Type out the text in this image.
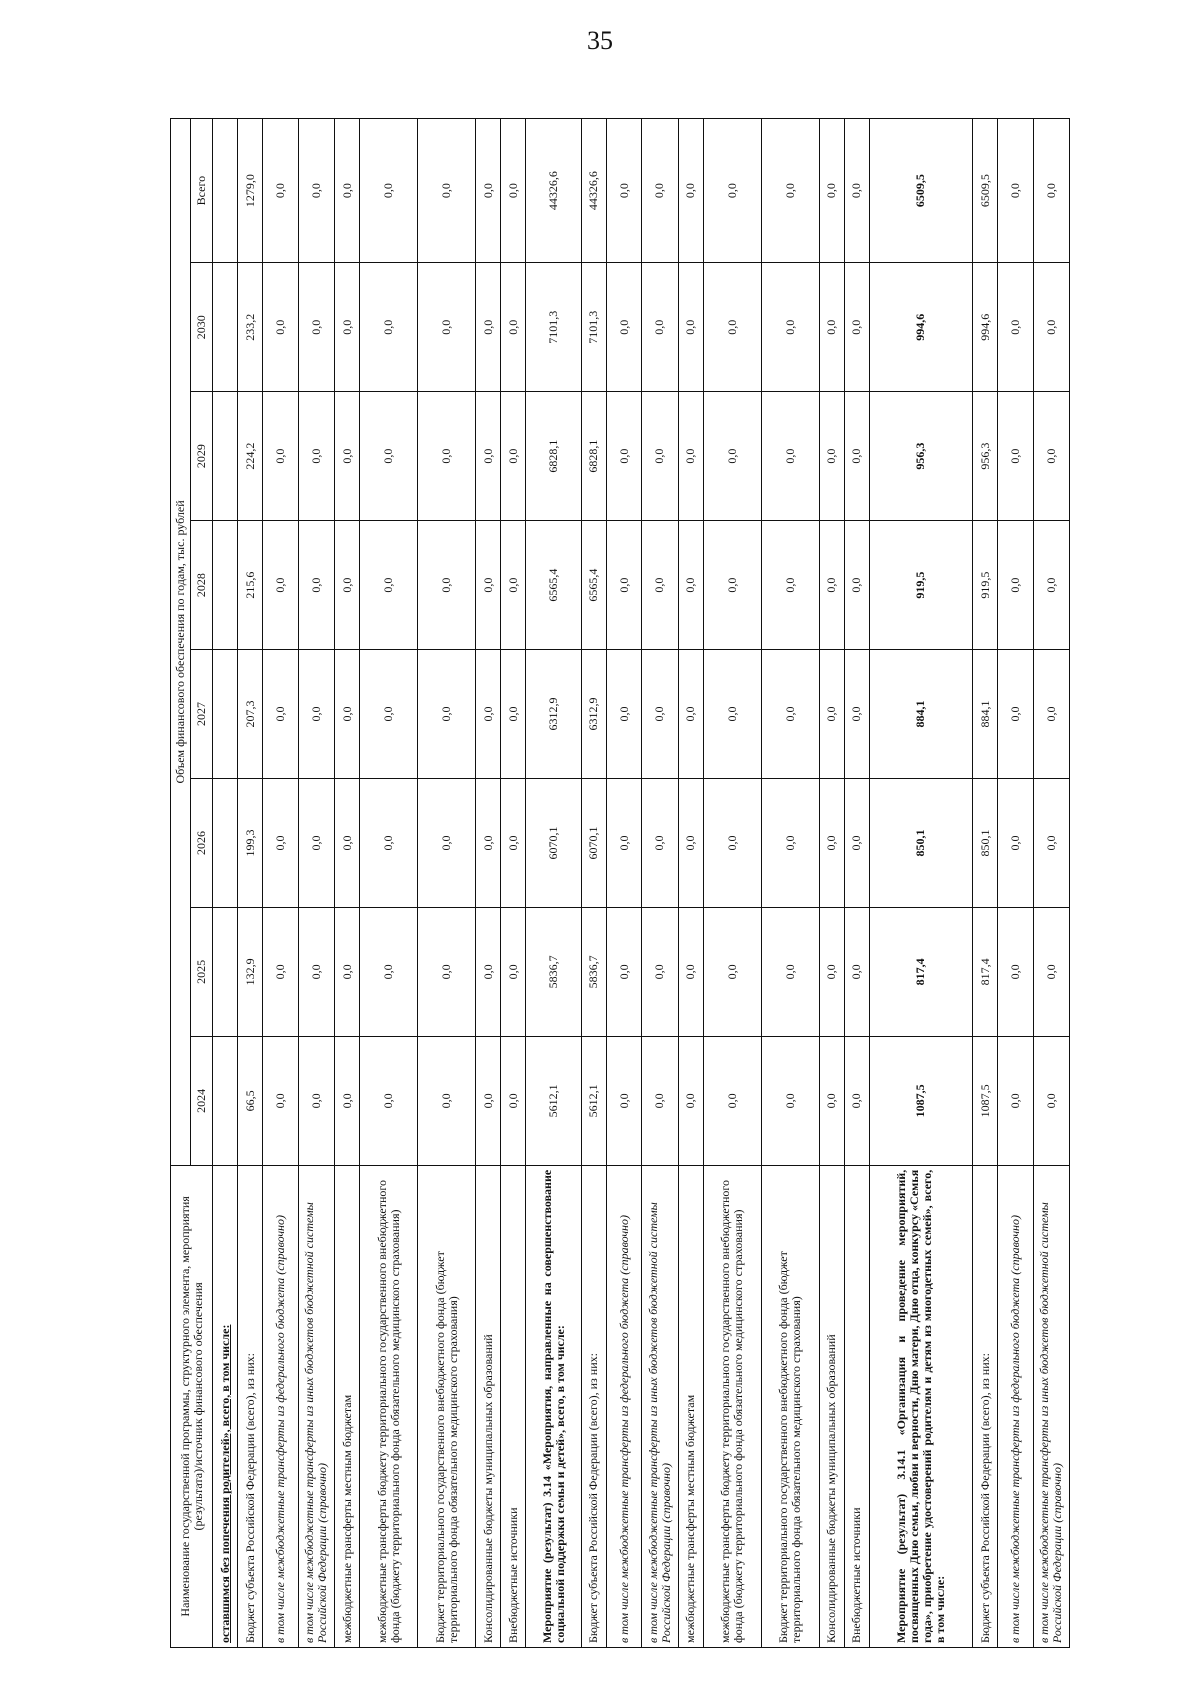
35
Наименование государственной программы, структурного элемента, мероприятия (результата)/источник финансового обеспечения	Объем финансового обеспечения по годам, тыс. рублей							
	2024	2025	2026	2027	2028	2029	2030	Всего
оставшимся без попечения родителей», всего, в том числе:								
Бюджет субъекта Российской Федерации (всего), из них:	66,5	132,9	199,3	207,3	215,6	224,2	233,2	1279,0
в том числе межбюджетные трансферты из федерального бюджета (справочно)	0,0	0,0	0,0	0,0	0,0	0,0	0,0	0,0
в том числе межбюджетные трансферты из иных бюджетов бюджетной системы Российской Федерации (справочно)	0,0	0,0	0,0	0,0	0,0	0,0	0,0	0,0
межбюджетные трансферты местным бюджетам	0,0	0,0	0,0	0,0	0,0	0,0	0,0	0,0
межбюджетные трансферты бюджету территориального государственного внебюджетного фонда (бюджету территориального фонда обязательного медицинского страхования)	0,0	0,0	0,0	0,0	0,0	0,0	0,0	0,0
Бюджет территориального государственного внебюджетного фонда (бюджет территориального фонда обязательного медицинского страхования)	0,0	0,0	0,0	0,0	0,0	0,0	0,0	0,0
Консолидированные бюджеты муниципальных образований	0,0	0,0	0,0	0,0	0,0	0,0	0,0	0,0
Внебюджетные источники	0,0	0,0	0,0	0,0	0,0	0,0	0,0	0,0
Мероприятие (результат) 3.14 «Мероприятия, направленные на совершенствование социальной поддержки семьи и детей», всего, в том числе:	5612,1	5836,7	6070,1	6312,9	6565,4	6828,1	7101,3	44326,6
Бюджет субъекта Российской Федерации (всего), из них:	5612,1	5836,7	6070,1	6312,9	6565,4	6828,1	7101,3	44326,6
в том числе межбюджетные трансферты из федерального бюджета (справочно)	0,0	0,0	0,0	0,0	0,0	0,0	0,0	0,0
в том числе межбюджетные трансферты из иных бюджетов бюджетной системы Российской Федерации (справочно)	0,0	0,0	0,0	0,0	0,0	0,0	0,0	0,0
межбюджетные трансферты местным бюджетам	0,0	0,0	0,0	0,0	0,0	0,0	0,0	0,0
межбюджетные трансферты бюджету территориального государственного внебюджетного фонда (бюджету территориального фонда обязательного медицинского страхования)	0,0	0,0	0,0	0,0	0,0	0,0	0,0	0,0
Бюджет территориального государственного внебюджетного фонда (бюджет территориального фонда обязательного медицинского страхования)	0,0	0,0	0,0	0,0	0,0	0,0	0,0	0,0
Консолидированные бюджеты муниципальных образований	0,0	0,0	0,0	0,0	0,0	0,0	0,0	0,0
Внебюджетные источники	0,0	0,0	0,0	0,0	0,0	0,0	0,0	0,0
Мероприятие (результат) 3.14.1 «Организация и проведение мероприятий, посвященных Дню семьи, любви и верности, Дню матери, Дню отца, конкурсу «Семья года», приобретение удостоверений родителям и детям из многодетных семей», всего, в том числе:	1087,5	817,4	850,1	884,1	919,5	956,3	994,6	6509,5
Бюджет субъекта Российской Федерации (всего), из них:	1087,5	817,4	850,1	884,1	919,5	956,3	994,6	6509,5
в том числе межбюджетные трансферты из федерального бюджета (справочно)	0,0	0,0	0,0	0,0	0,0	0,0	0,0	0,0
в том числе межбюджетные трансферты из иных бюджетов бюджетной системы Российской Федерации (справочно)	0,0	0,0	0,0	0,0	0,0	0,0	0,0	0,0
